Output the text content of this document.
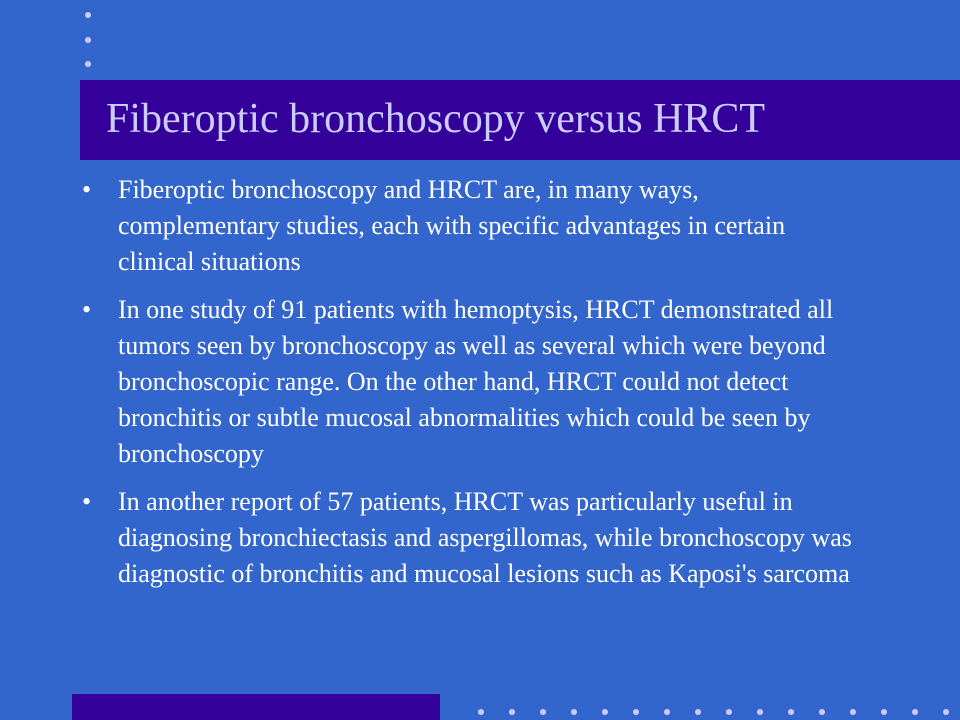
Fiberoptic bronchoscopy versus HRCT
• Fiberoptic bronchoscopy and HRCT are, in many ways, complementary studies, each with specific advantages in certain clinical situations
• In one study of 91 patients with hemoptysis, HRCT demonstrated all tumors seen by bronchoscopy as well as several which were beyond bronchoscopic range. On the other hand, HRCT could not detect bronchitis or subtle mucosal abnormalities which could be seen by bronchoscopy
• In another report of 57 patients, HRCT was particularly useful in diagnosing bronchiectasis and aspergillomas, while bronchoscopy was diagnostic of bronchitis and mucosal lesions such as Kaposi's sarcoma
